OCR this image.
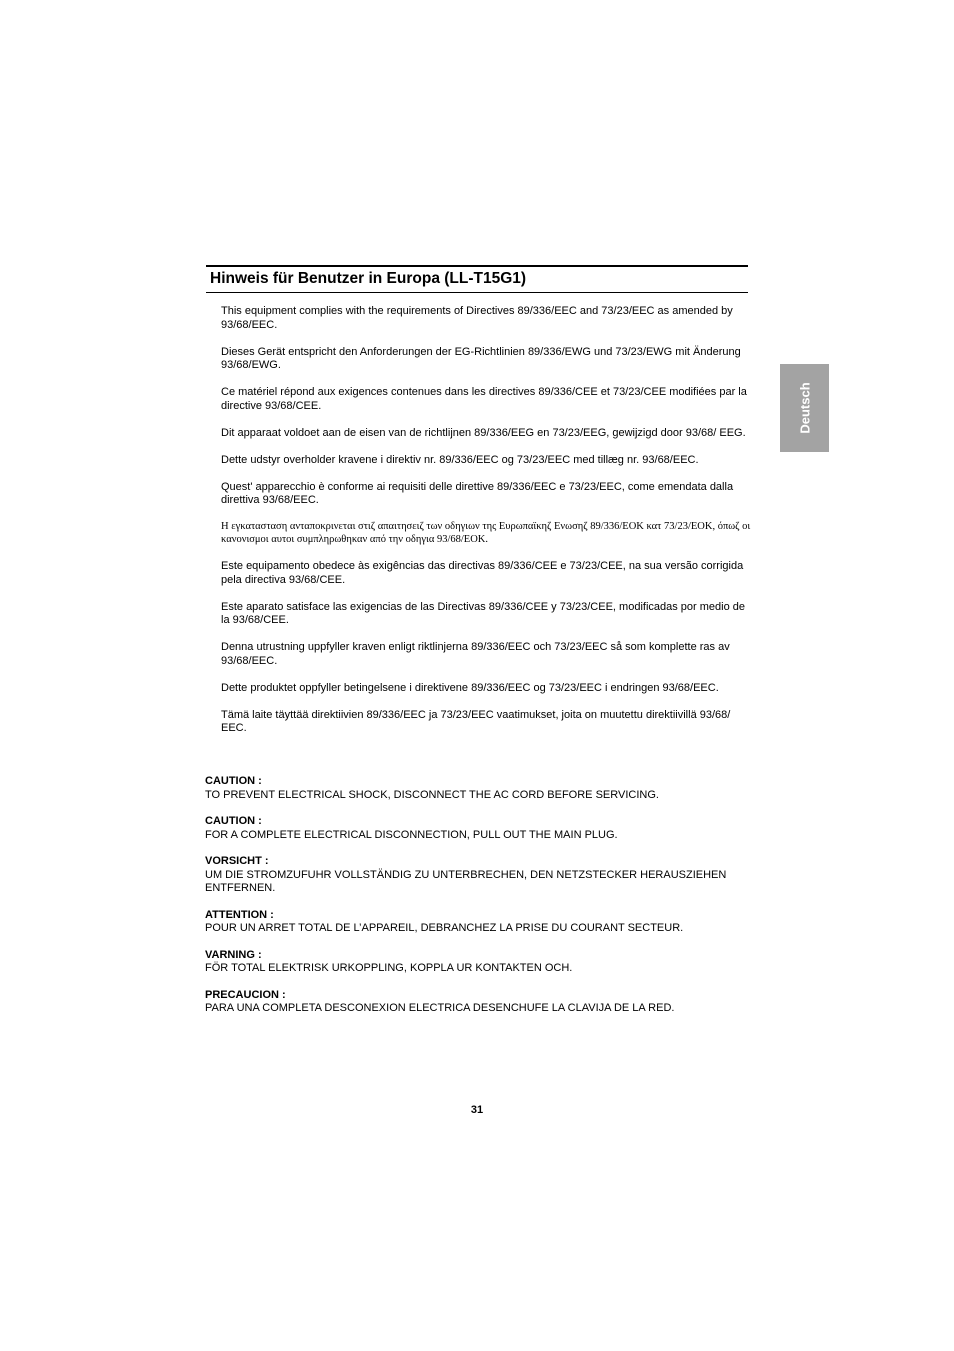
Hinweis für Benutzer in Europa (LL-T15G1)

This equipment complies with the requirements of Directives 89/336/EEC and 73/23/EEC as amended by 93/68/EEC.

Dieses Gerät entspricht den Anforderungen der EG-Richtlinien 89/336/EWG und 73/23/EWG mit Änderung 93/68/EWG.

Ce matériel répond aux exigences contenues dans les directives 89/336/CEE et 73/23/CEE modifiées par la directive 93/68/CEE.

Dit apparaat voldoet aan de eisen van de richtlijnen 89/336/EEG en 73/23/EEG, gewijzigd door 93/68/ EEG.

Dette udstyr overholder kravene i direktiv nr. 89/336/EEC og 73/23/EEC med tillæg nr. 93/68/EEC.

Quest' apparecchio è conforme ai requisiti delle direttive 89/336/EEC e 73/23/EEC, come emendata dalla direttiva 93/68/EEC.

Η εγκατασταση ανταποκρινεται στιζ απαιτησειζ των οδηγιων της Ευρωπαϊκηζ Ενωσηζ 89/336/ΕΟΚ κατ 73/23/ΕΟΚ, όπωζ οι κανονισμοι αυτοι συμπληρωθηκαν από την οδηγια 93/68/ΕΟΚ.

Este equipamento obedece às exigências das directivas 89/336/CEE e 73/23/CEE, na sua versão corrigida pela directiva 93/68/CEE.

Este aparato satisface las exigencias de las Directivas 89/336/CEE y 73/23/CEE, modificadas por medio de la 93/68/CEE.

Denna utrustning uppfyller kraven enligt riktlinjerna 89/336/EEC och 73/23/EEC så som komplette ras av 93/68/EEC.

Dette produktet oppfyller betingelsene i direktivene 89/336/EEC og 73/23/EEC i endringen 93/68/EEC.

Tämä laite täyttää direktiivien 89/336/EEC ja 73/23/EEC vaatimukset, joita on muutettu direktiivillä 93/68/ EEC.

CAUTION :
TO PREVENT ELECTRICAL SHOCK, DISCONNECT THE AC CORD BEFORE SERVICING.
CAUTION :
FOR A COMPLETE ELECTRICAL DISCONNECTION, PULL OUT THE MAIN PLUG.
VORSICHT :
UM DIE STROMZUFUHR VOLLSTÄNDIG ZU UNTERBRECHEN, DEN NETZSTECKER HERAUSZIEHEN ENTFERNEN.
ATTENTION :
POUR UN ARRET TOTAL DE L’APPAREIL, DEBRANCHEZ LA PRISE DU COURANT SECTEUR.
VARNING :
FÖR TOTAL ELEKTRISK URKOPPLING, KOPPLA UR KONTAKTEN OCH.
PRECAUCION :
PARA UNA COMPLETA DESCONEXION ELECTRICA DESENCHUFE LA CLAVIJA DE LA RED.
Deutsch
31
